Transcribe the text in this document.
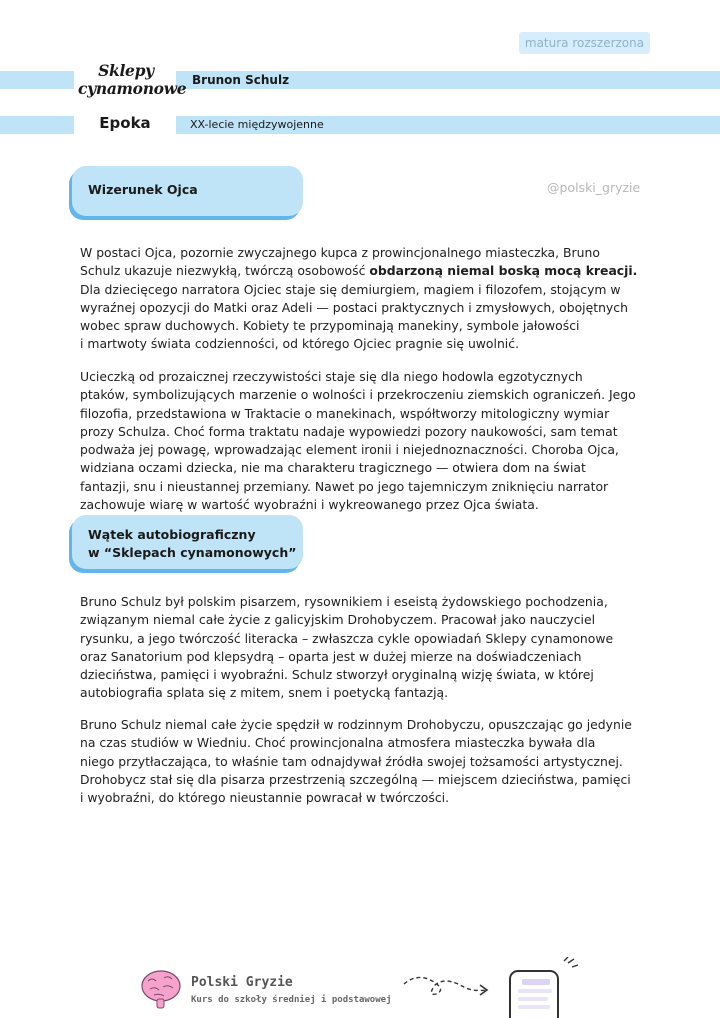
matura rozszerzona
Sklepy
cynamonowe
Epoka
Brunon Schulz
XX-lecie międzywojenne
@polski_gryzie
Wizerunek Ojca

W postaci Ojca, pozornie zwyczajnego kupca z prowincjonalnego miasteczka, Bruno
Schulz ukazuje niezwykłą, twórczą osobowość obdarzoną niemal boską mocą kreacji.
Dla dziecięcego narratora Ojciec staje się demiurgiem, magiem i filozofem, stojącym w
wyraźnej opozycji do Matki oraz Adeli — postaci praktycznych i zmysłowych, obojętnych
wobec spraw duchowych. Kobiety te przypominają manekiny, symbole jałowości
i martwoty świata codzienności, od którego Ojciec pragnie się uwolnić.

Ucieczką od prozaicznej rzeczywistości staje się dla niego hodowla egzotycznych
ptaków, symbolizujących marzenie o wolności i przekroczeniu ziemskich ograniczeń. Jego
filozofia, przedstawiona w Traktacie o manekinach, współtworzy mitologiczny wymiar
prozy Schulza. Choć forma traktatu nadaje wypowiedzi pozory naukowości, sam temat
podważa jej powagę, wprowadzając element ironii i niejednoznaczności. Choroba Ojca,
widziana oczami dziecka, nie ma charakteru tragicznego — otwiera dom na świat
fantazji, snu i nieustannej przemiany. Nawet po jego tajemniczym zniknięciu narrator
zachowuje wiarę w wartość wyobraźni i wykreowanego przez Ojca świata.

Wątek autobiograficzny
w “Sklepach cynamonowych”

Bruno Schulz był polskim pisarzem, rysownikiem i eseistą żydowskiego pochodzenia,
związanym niemal całe życie z galicyjskim Drohobyczem. Pracował jako nauczyciel
rysunku, a jego twórczość literacka – zwłaszcza cykle opowiadań Sklepy cynamonowe
oraz Sanatorium pod klepsydrą – oparta jest w dużej mierze na doświadczeniach
dzieciństwa, pamięci i wyobraźni. Schulz stworzył oryginalną wizję świata, w której
autobiografia splata się z mitem, snem i poetycką fantazją.

Bruno Schulz niemal całe życie spędził w rodzinnym Drohobyczu, opuszczając go jedynie
na czas studiów w Wiedniu. Choć prowincjonalna atmosfera miasteczka bywała dla
niego przytłaczająca, to właśnie tam odnajdywał źródła swojej tożsamości artystycznej.
Drohobycz stał się dla pisarza przestrzenią szczególną — miejscem dzieciństwa, pamięci
i wyobraźni, do którego nieustannie powracał w twórczości.

Polski Gryzie
Kurs do szkoły średniej i podstawowej
